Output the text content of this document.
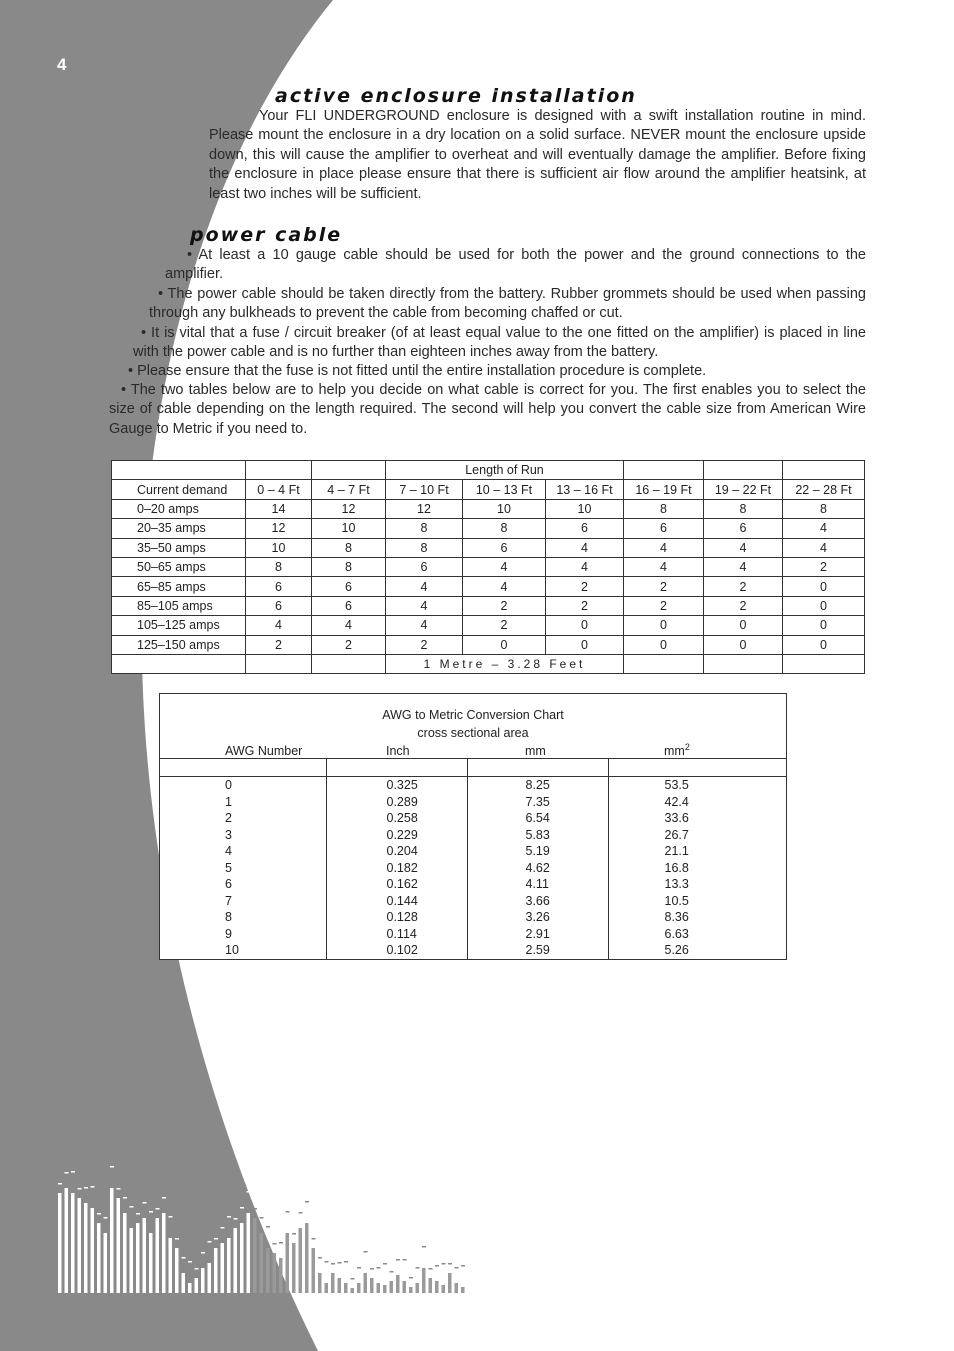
4
active enclosure installation
Your FLI UNDERGROUND enclosure is designed with a swift installation routine in mind. Please mount the enclosure in a dry location on a solid surface. NEVER mount the enclosure upside down, this will cause the amplifier to overheat and will eventually damage the amplifier. Before fixing the enclosure in place please ensure that there is sufficient air flow around the amplifier heatsink, at least two inches will be sufficient.
power cable
• At least a 10 gauge cable should be used for both the power and the ground connections to the amplifier.
• The power cable should be taken directly from the battery. Rubber grommets should be used when passing through any bulkheads to prevent the cable from becoming chaffed or cut.
• It is vital that a fuse / circuit breaker (of at least equal value to the one fitted on the amplifier) is placed in line with the power cable and is no further than eighteen inches away from the battery.
• Please ensure that the fuse is not fitted until the entire installation procedure is complete.
• The two tables below are to help you decide on what cable is correct for you. The first enables you to select the size of cable depending on the length required. The second will help you convert the cable size from American Wire Gauge to Metric if you need to.
			Length of Run					
Current demand	0 – 4 Ft	4 – 7 Ft	7 – 10 Ft	10 – 13 Ft	13 – 16 Ft	16 – 19 Ft	19 – 22 Ft	22 – 28 Ft
0–20 amps	14	12	12	10	10	8	8	8
20–35 amps	12	10	8	8	6	6	6	4
35–50 amps	10	8	8	6	4	4	4	4
50–65 amps	8	8	6	4	4	4	4	2
65–85 amps	6	6	4	4	2	2	2	0
85–105 amps	6	6	4	2	2	2	2	0
105–125 amps	4	4	4	2	0	0	0	0
125–150 amps	2	2	2	0	0	0	0	0
			1 Metre – 3.28 Feet					
AWG to Metric Conversion Chart
cross sectional area			

AWG Number	Inch	mm	$mm^2$

0	0.325	8.25	53.5
1	0.289	7.35	42.4
2	0.258	6.54	33.6
3	0.229	5.83	26.7
4	0.204	5.19	21.1
5	0.182	4.62	16.8
6	0.162	4.11	13.3
7	0.144	3.66	10.5
8	0.128	3.26	8.36
9	0.114	2.91	6.63
10	0.102	2.59	5.26
